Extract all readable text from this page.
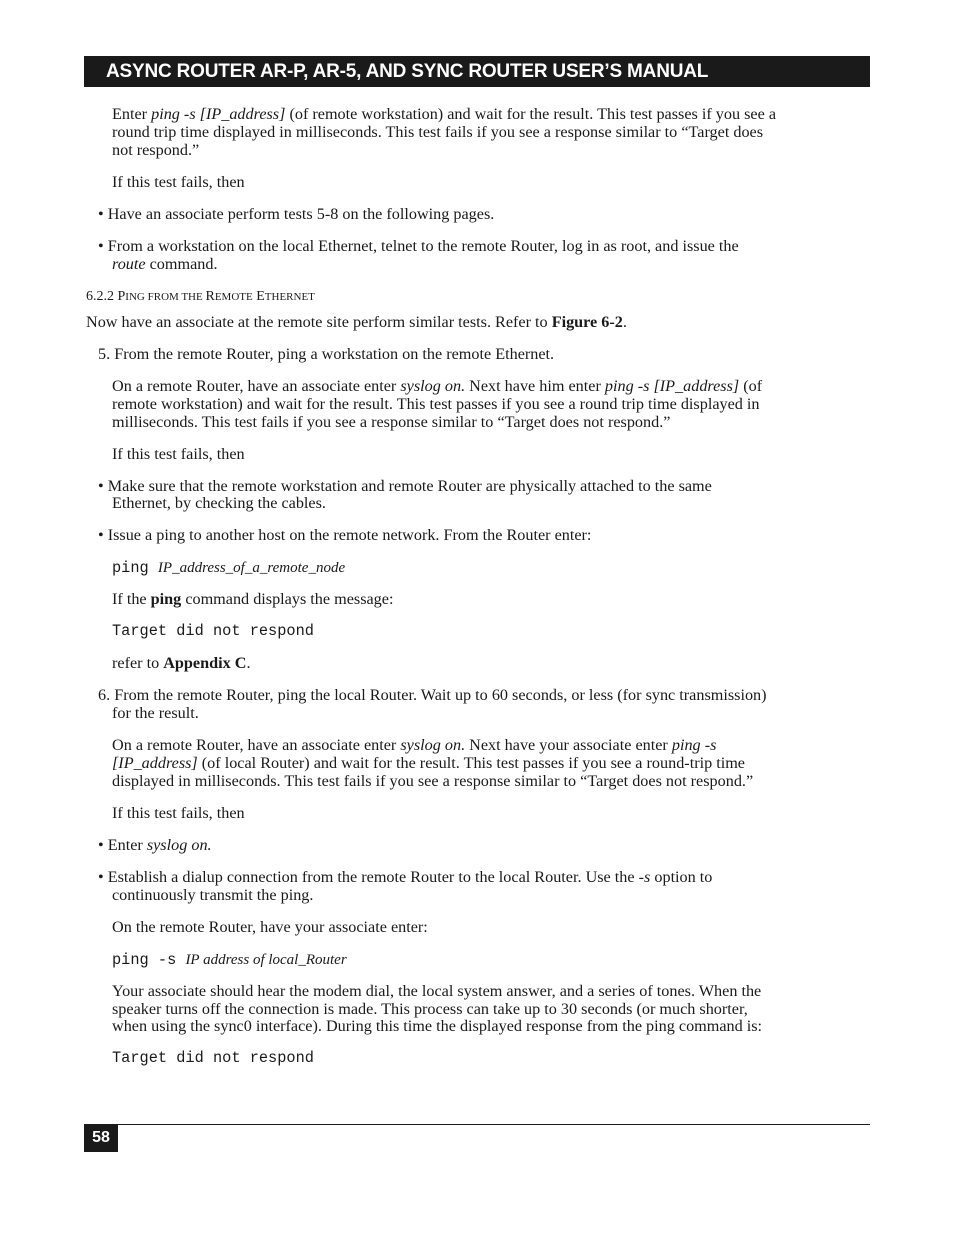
ASYNC ROUTER AR-P, AR-5, AND SYNC ROUTER USER’S MANUAL

Enter ping -s [IP_address] (of remote workstation) and wait for the result. This test passes if you see a

round trip time displayed in milliseconds. This test fails if you see a response similar to “Target does

not respond.”

If this test fails, then

• Have an associate perform tests 5-8 on the following pages.

• From a workstation on the local Ethernet, telnet to the remote Router, log in as root, and issue the

route command.

6.2.2 PING FROM THE REMOTE ETHERNET

Now have an associate at the remote site perform similar tests. Refer to Figure 6-2.

5. From the remote Router, ping a workstation on the remote Ethernet.

On a remote Router, have an associate enter syslog on. Next have him enter ping -s [IP_address] (of

remote workstation) and wait for the result. This test passes if you see a round trip time displayed in

milliseconds. This test fails if you see a response similar to “Target does not respond.”

If this test fails, then

• Make sure that the remote workstation and remote Router are physically attached to the same

Ethernet, by checking the cables.

• Issue a ping to another host on the remote network. From the Router enter:

ping IP_address_of_a_remote_node

If the ping command displays the message:

Target did not respond

refer to Appendix C.

6. From the remote Router, ping the local Router. Wait up to 60 seconds, or less (for sync transmission)

for the result.

On a remote Router, have an associate enter syslog on. Next have your associate enter ping -s

[IP_address] (of local Router) and wait for the result. This test passes if you see a round-trip time

displayed in milliseconds. This test fails if you see a response similar to “Target does not respond.”

If this test fails, then

• Enter syslog on.

• Establish a dialup connection from the remote Router to the local Router. Use the -s option to

continuously transmit the ping.

On the remote Router, have your associate enter:

ping -s IP address of local_Router

Your associate should hear the modem dial, the local system answer, and a series of tones. When the

speaker turns off the connection is made. This process can take up to 30 seconds (or much shorter,

when using the sync0 interface). During this time the displayed response from the ping command is:

Target did not respond

58
